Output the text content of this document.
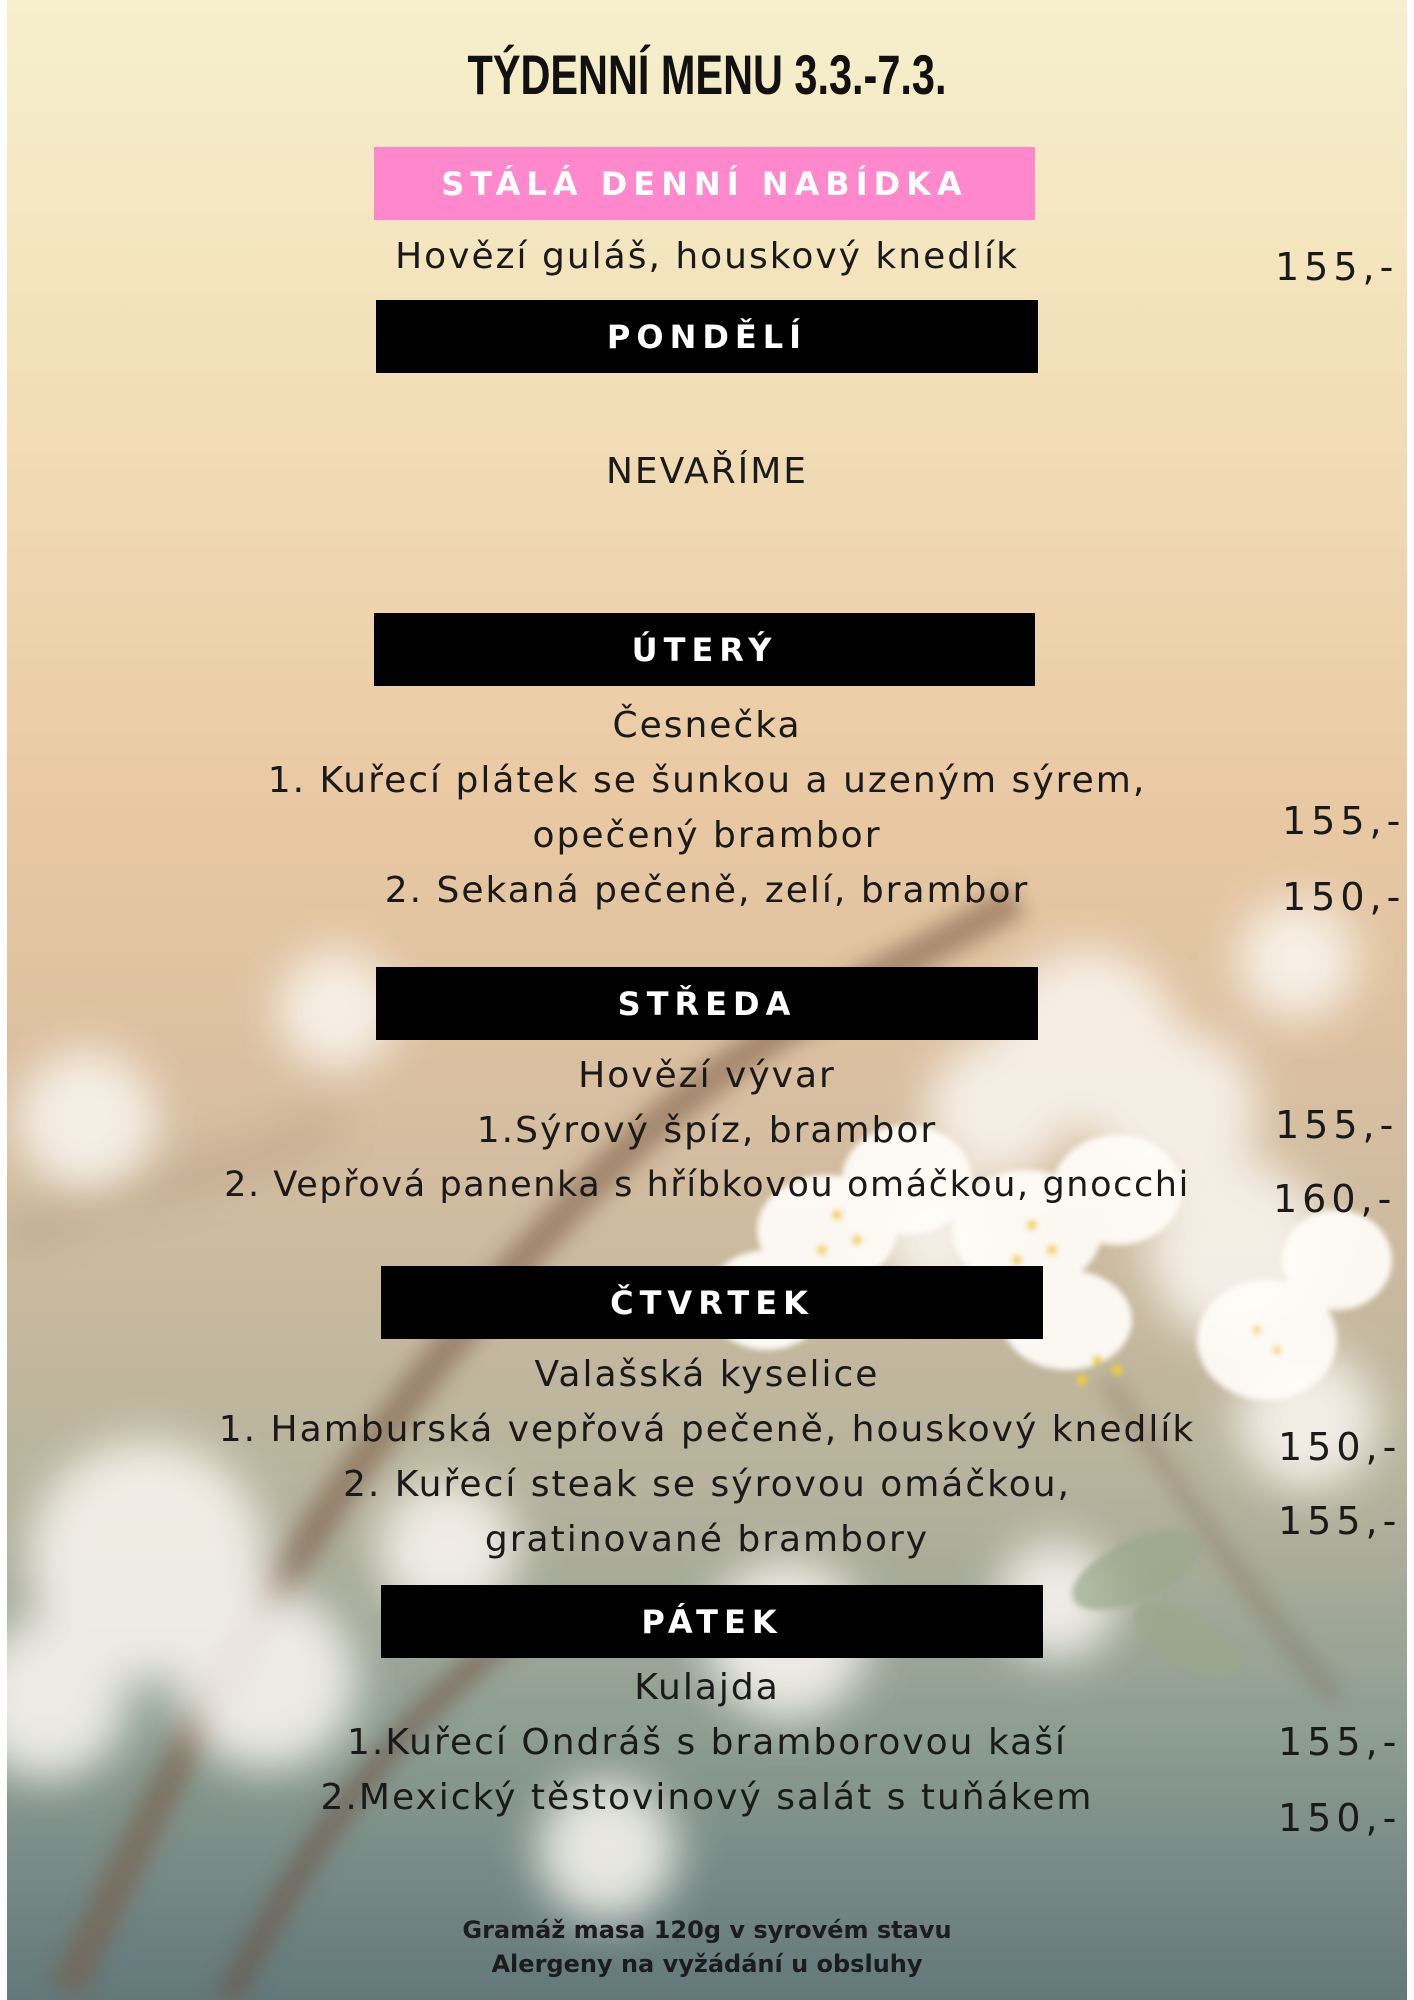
TÝDENNÍ MENU 3.3.-7.3.
STÁLÁ DENNÍ NABÍDKA
Hovězí guláš, houskový knedlík	155,-
PONDĚLÍ
NEVAŘÍME
ÚTERÝ
Česnečka
1. Kuřecí plátek se šunkou a uzeným sýrem,
opečený brambor	155,-
2. Sekaná pečeně, zelí, brambor	150,-
STŘEDA
Hovězí vývar
1.Sýrový špíz, brambor	155,-
2. Vepřová panenka s hříbkovou omáčkou, gnocchi	160,-
ČTVRTEK
Valašská kyselice
1. Hamburská vepřová pečeně, houskový knedlík	150,-
2. Kuřecí steak se sýrovou omáčkou,
gratinované brambory	155,-
PÁTEK
Kulajda
1.Kuřecí Ondráš s bramborovou kaší	155,-
2.Mexický těstovinový salát s tuňákem	150,-
Gramáž masa 120g v syrovém stavu
Alergeny na vyžádání u obsluhy
